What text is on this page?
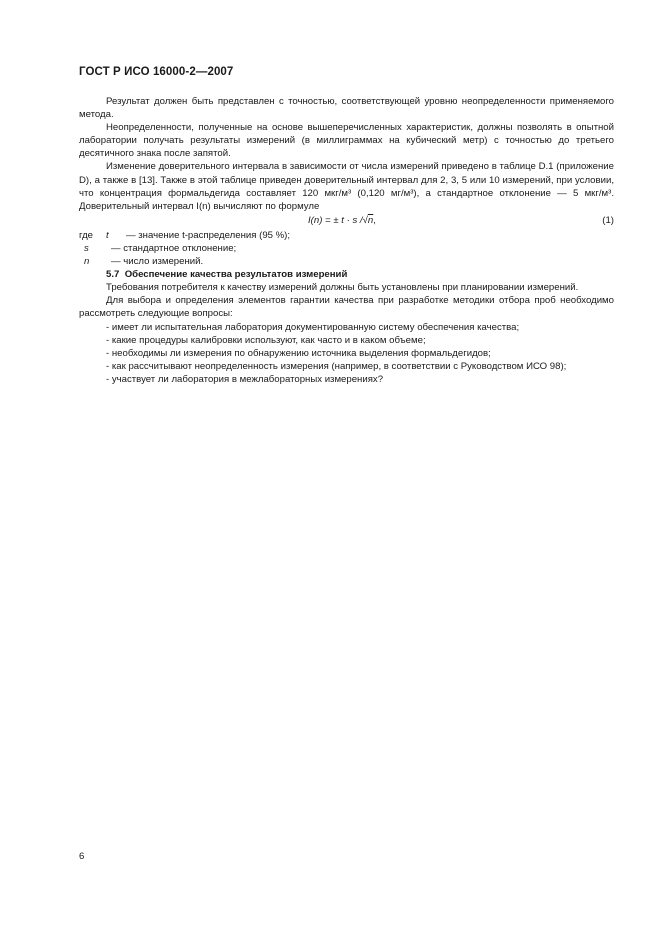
ГОСТ Р ИСО 16000-2—2007

Результат должен быть представлен с точностью, соответствующей уровню неопределенности применяемого метода.

Неопределенности, полученные на основе вышеперечисленных характеристик, должны позволять в опытной лаборатории получать результаты измерений (в миллиграммах на кубический метр) с точностью до третьего десятичного знака после запятой.

Изменение доверительного интервала в зависимости от числа измерений приведено в таблице D.1 (приложение D), а также в [13]. Также в этой таблице приведен доверительный интервал для 2, 3, 5 или 10 измерений, при условии, что концентрация формальдегида составляет 120 мкг/м³ (0,120 мг/м³), а стандартное отклонение — 5 мкг/м³. Доверительный интервал I(n) вычисляют по формуле

I(n) = ± t · s /√n,	(1)
где	t	— значение t-распределения (95 %);
s	— стандартное отклонение;
n	— число измерений.

5.7 Обеспечение качества результатов измерений

Требования потребителя к качеству измерений должны быть установлены при планировании измерений.

Для выбора и определения элементов гарантии качества при разработке методики отбора проб необходимо рассмотреть следующие вопросы:

- имеет ли испытательная лаборатория документированную систему обеспечения качества;
- какие процедуры калибровки используют, как часто и в каком объеме;
- необходимы ли измерения по обнаружению источника выделения формальдегидов;
- как рассчитывают неопределенность измерения (например, в соответствии с Руководством ИСО 98);
- участвует ли лаборатория в межлабораторных измерениях?
6
